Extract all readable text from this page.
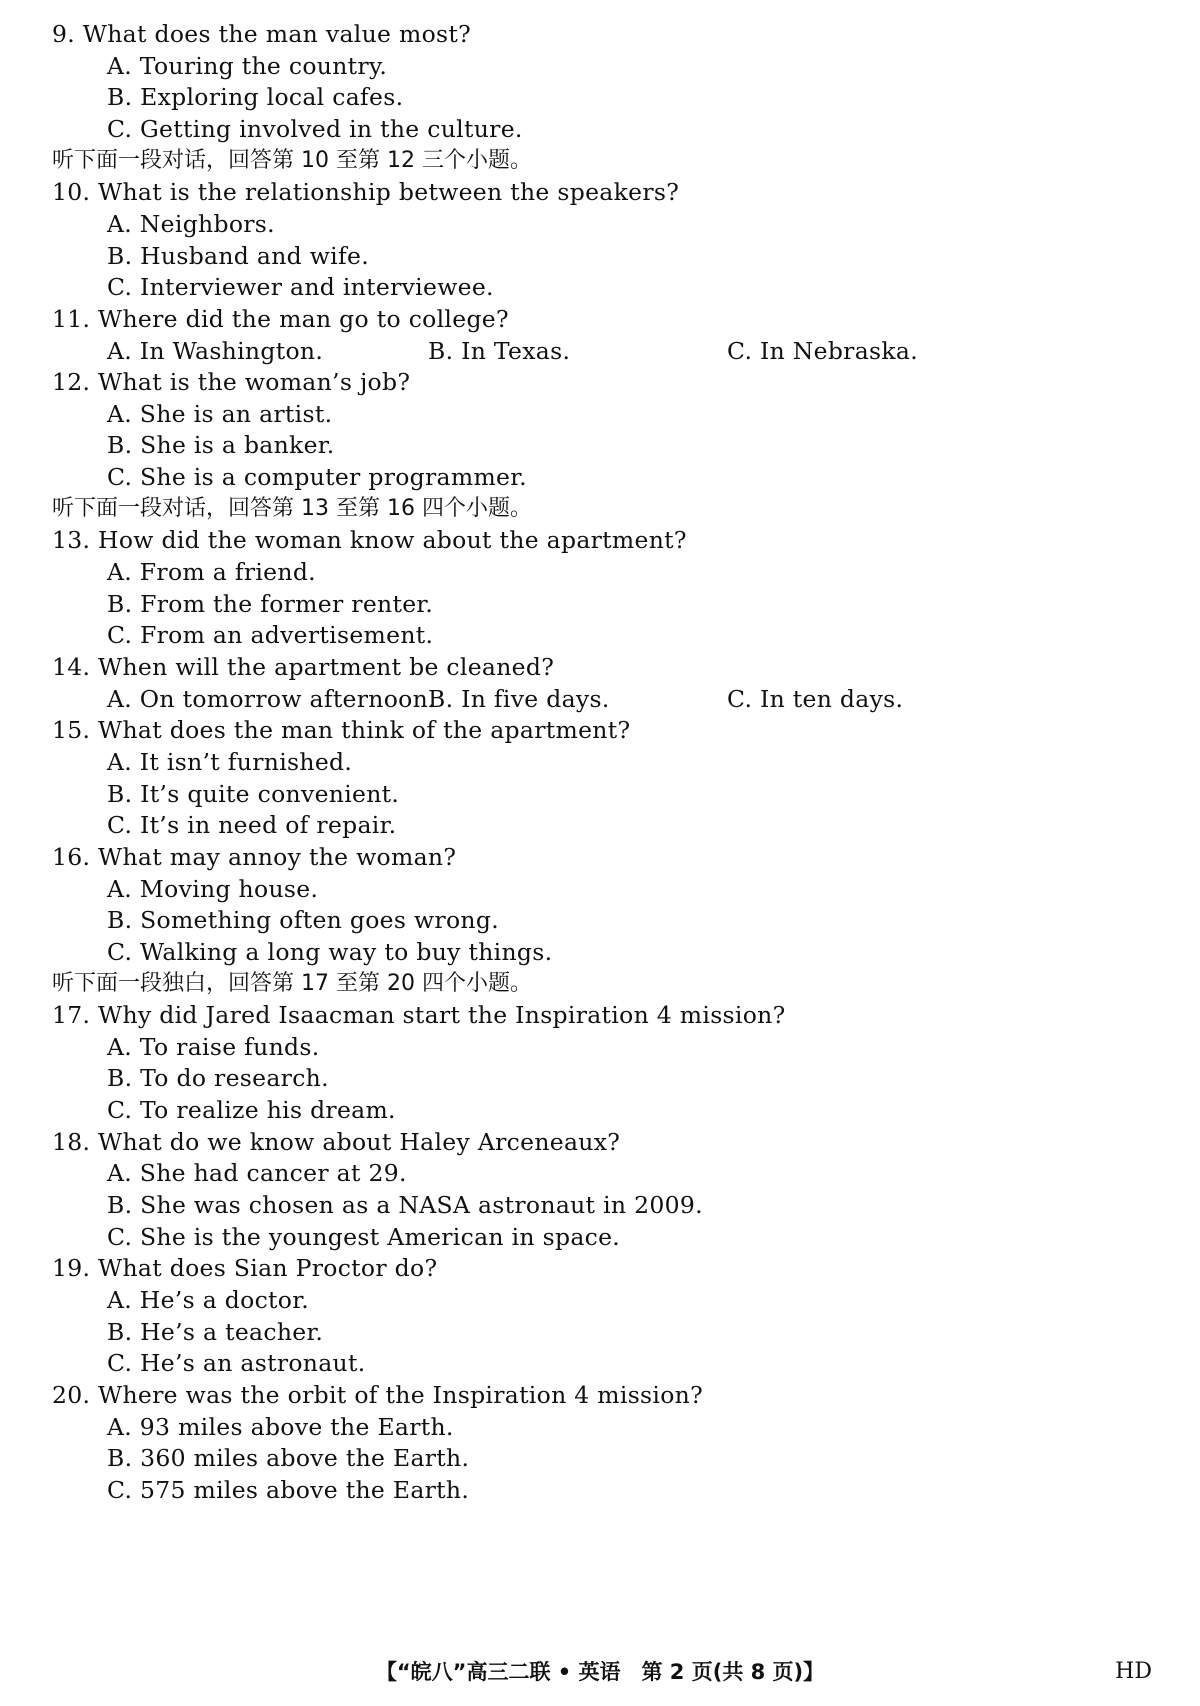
9. What does the man value most?
A. Touring the country.
B. Exploring local cafes.
C. Getting involved in the culture.
听下面一段对话，回答第 10 至第 12 三个小题。
10. What is the relationship between the speakers?
A. Neighbors.
B. Husband and wife.
C. Interviewer and interviewee.
11. Where did the man go to college?
A. In Washington.	B. In Texas.	C. In Nebraska.
12. What is the woman’s job?
A. She is an artist.
B. She is a banker.
C. She is a computer programmer.
听下面一段对话，回答第 13 至第 16 四个小题。
13. How did the woman know about the apartment?
A. From a friend.
B. From the former renter.
C. From an advertisement.
14. When will the apartment be cleaned?
A. On tomorrow afternoon.
B. In five days.	C. In ten days.
15. What does the man think of the apartment?
A. It isn’t furnished.
B. It’s quite convenient.
C. It’s in need of repair.
16. What may annoy the woman?
A. Moving house.
B. Something often goes wrong.
C. Walking a long way to buy things.
听下面一段独白，回答第 17 至第 20 四个小题。
17. Why did Jared Isaacman start the Inspiration 4 mission?
A. To raise funds.
B. To do research.
C. To realize his dream.
18. What do we know about Haley Arceneaux?
A. She had cancer at 29.
B. She was chosen as a NASA astronaut in 2009.
C. She is the youngest American in space.
19. What does Sian Proctor do?
A. He’s a doctor.
B. He’s a teacher.
C. He’s an astronaut.
20. Where was the orbit of the Inspiration 4 mission?
A. 93 miles above the Earth.
B. 360 miles above the Earth.
C. 575 miles above the Earth.
【“皖八”高三二联 • 英语　第 2 页(共 8 页)】	HD
